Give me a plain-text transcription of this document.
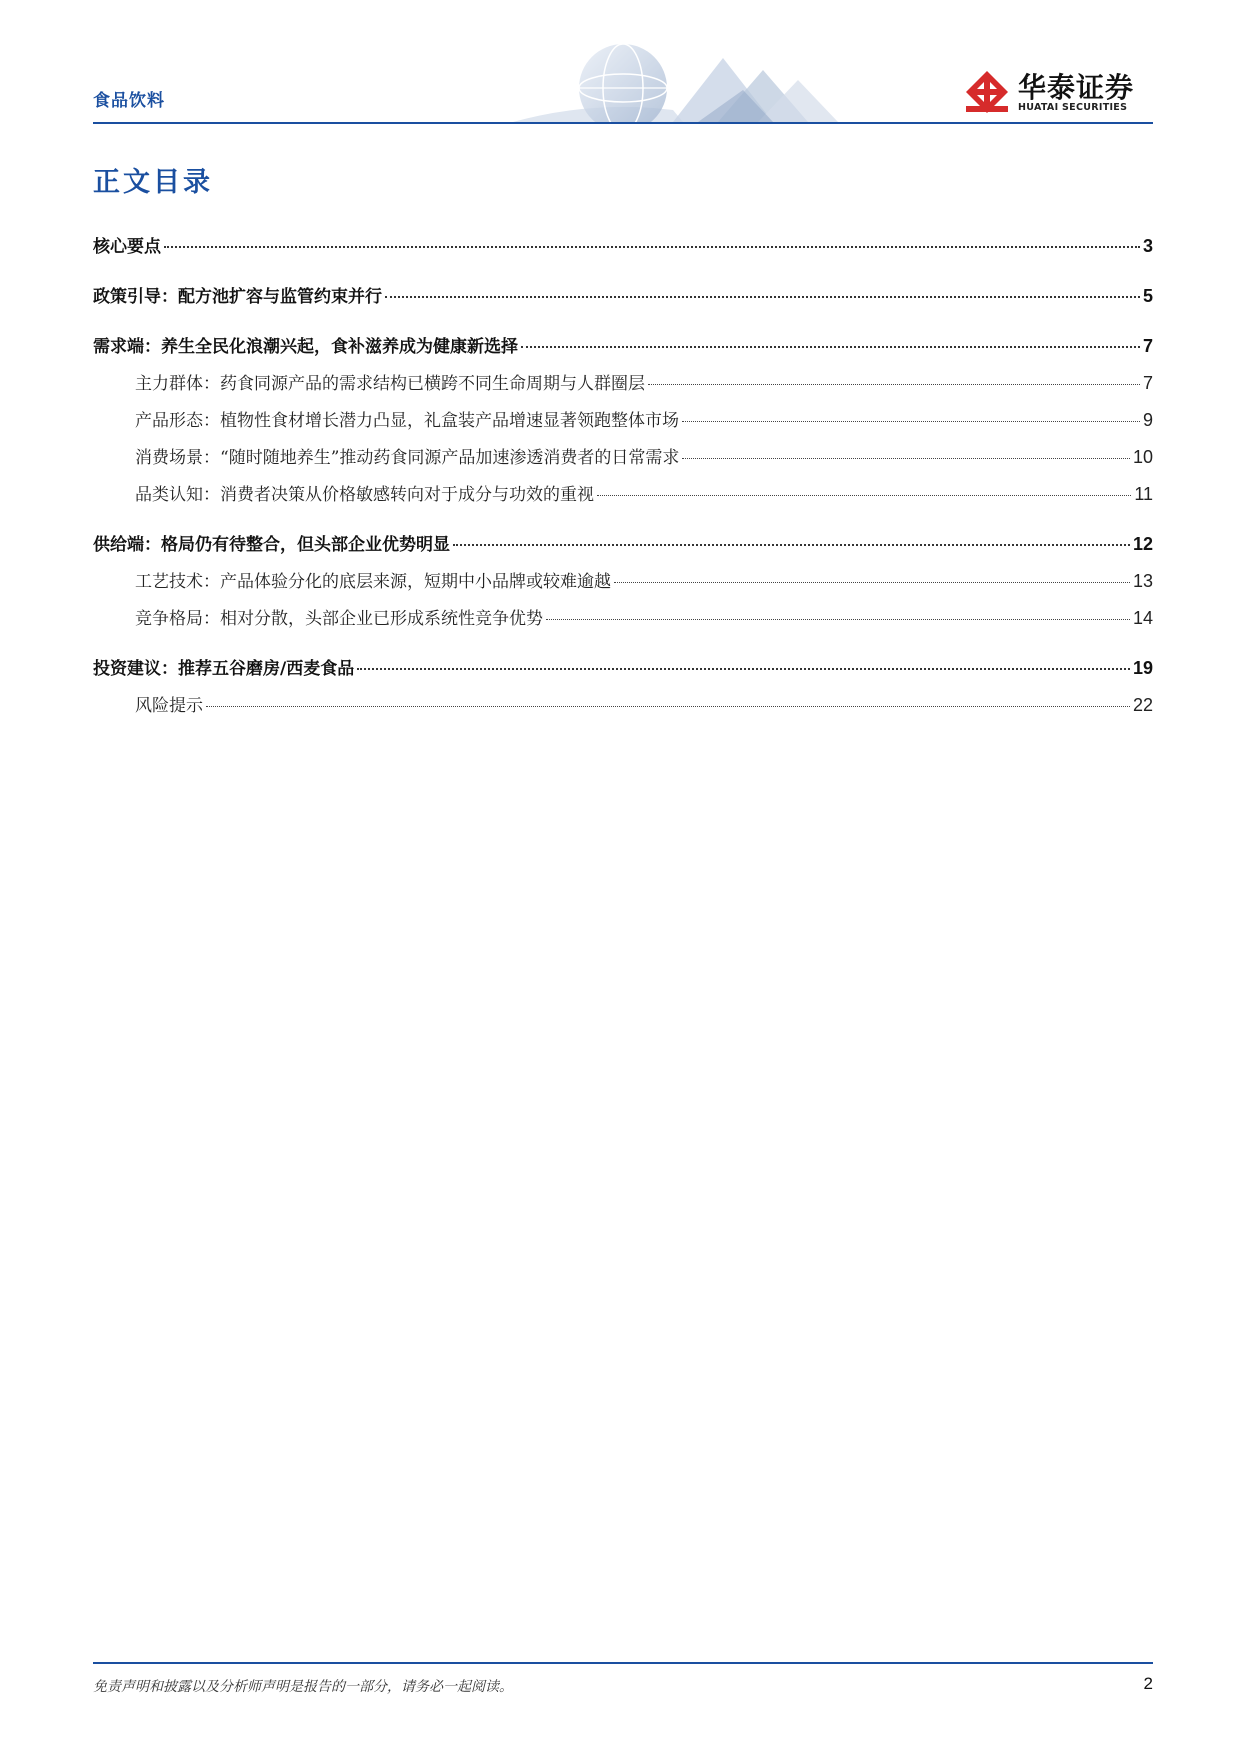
食品饮料	华泰证券
HUATAI SECURITIES
正文目录
核心要点	3
政策引导：配方池扩容与监管约束并行	5
需求端：养生全民化浪潮兴起，食补滋养成为健康新选择	7
主力群体：药食同源产品的需求结构已横跨不同生命周期与人群圈层	7
产品形态：植物性食材增长潜力凸显，礼盒装产品增速显著领跑整体市场	9
消费场景：“随时随地养生”推动药食同源产品加速渗透消费者的日常需求	10
品类认知：消费者决策从价格敏感转向对于成分与功效的重视	11
供给端：格局仍有待整合，但头部企业优势明显	12
工艺技术：产品体验分化的底层来源，短期中小品牌或较难逾越	13
竞争格局：相对分散，头部企业已形成系统性竞争优势	14
投资建议：推荐五谷磨房/西麦食品	19
风险提示	22
免责声明和披露以及分析师声明是报告的一部分，请务必一起阅读。	2
